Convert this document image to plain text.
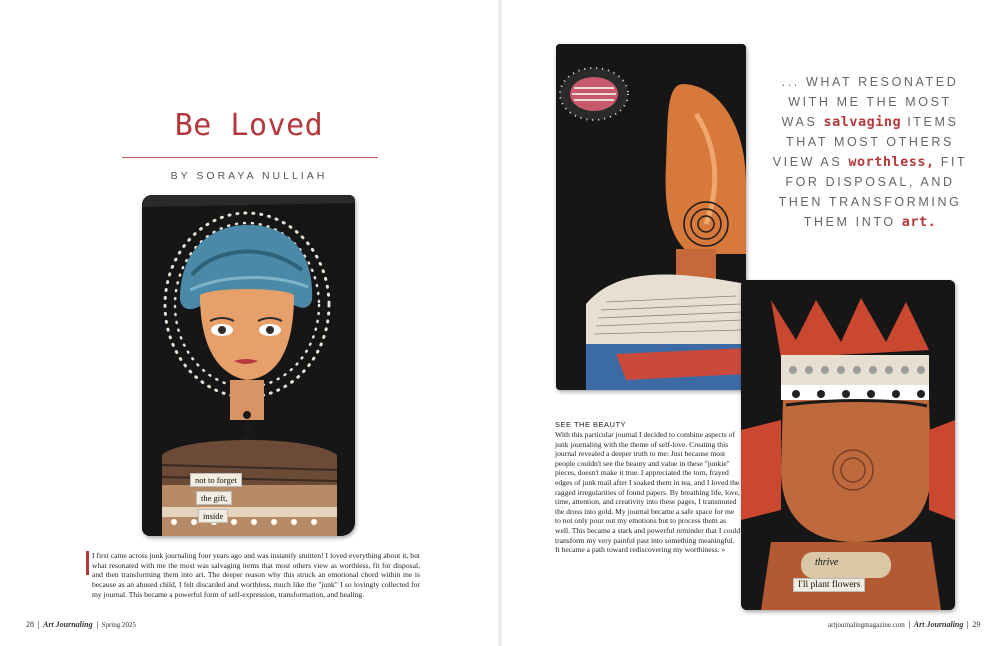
Be Loved
BY SORAYA NULLIAH
not to forget
the gift,
inside
I first came across junk journaling four years ago and was instantly smitten! I loved everything about it, but what resonated with me the most was salvaging items that most others view as worthless, fit for disposal, and then transforming them into art. The deeper reason why this struck an emotional chord within me is because as an abused child, I felt discarded and worthless, much like the "junk" I so lovingly collected for my journal. This became a powerful form of self-expression, transformation, and healing.
28 Art Journaling Spring 2025
... WHAT RESONATED WITH ME THE MOST WAS salvaging ITEMS THAT MOST OTHERS VIEW AS worthless, FIT FOR DISPOSAL, AND THEN TRANSFORMING THEM INTO art.
thrive
I'll plant flowers
SEE THE BEAUTY
With this particular journal I decided to combine aspects of junk journaling with the theme of self-love. Creating this journal revealed a deeper truth to me: Just because most people couldn't see the beauty and value in these "junkie" pieces, doesn't make it true. I appreciated the torn, frayed edges of junk mail after I soaked them in tea, and I loved the ragged irregularities of found papers. By breathing life, love, time, attention, and creativity into these pages, I transmuted the dross into gold. My journal became a safe space for me to not only pour out my emotions but to process them as well. This became a stark and powerful reminder that I could transform my very painful past into something meaningful. It became a path toward rediscovering my worthiness. »
artjournalingmagazine.com Art Journaling 29
